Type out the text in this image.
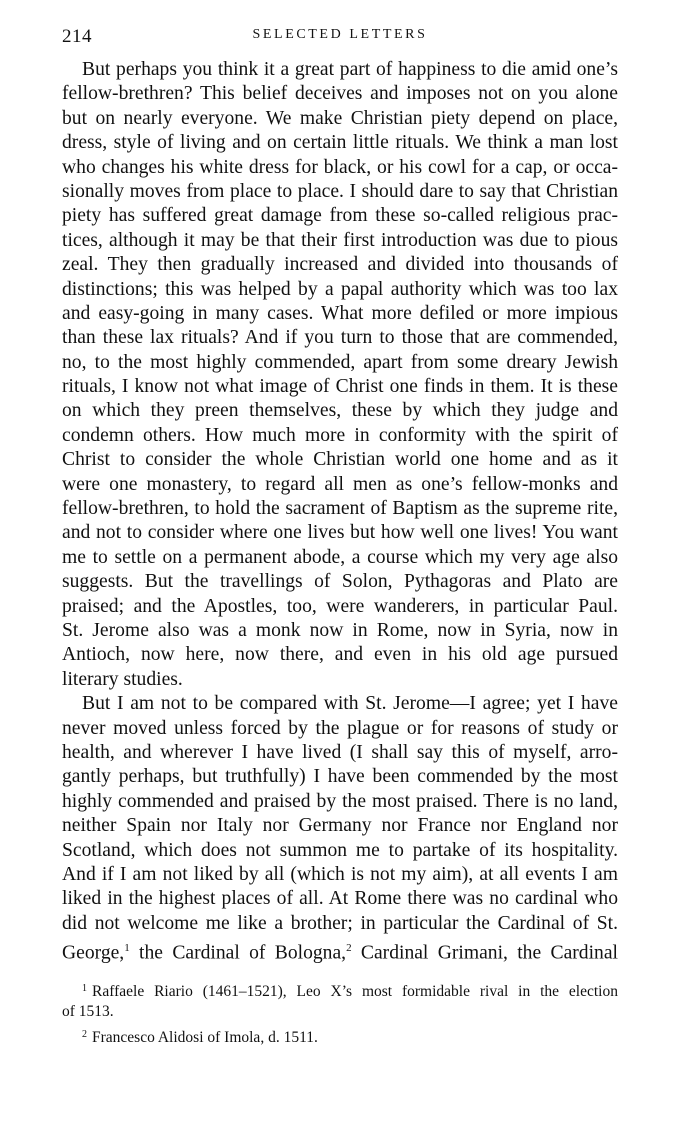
214	SELECTED LETTERS
But perhaps you think it a great part of happiness to die amid one’s
fellow-brethren? This belief deceives and imposes not on you alone
but on nearly everyone. We make Christian piety depend on place,
dress, style of living and on certain little rituals. We think a man lost
who changes his white dress for black, or his cowl for a cap, or occa-
sionally moves from place to place. I should dare to say that Christian
piety has suffered great damage from these so-called religious prac-
tices, although it may be that their first introduction was due to pious
zeal. They then gradually increased and divided into thousands of
distinctions; this was helped by a papal authority which was too lax
and easy-going in many cases. What more defiled or more impious
than these lax rituals? And if you turn to those that are commended,
no, to the most highly commended, apart from some dreary Jewish
rituals, I know not what image of Christ one finds in them. It is these
on which they preen themselves, these by which they judge and
condemn others. How much more in conformity with the spirit of
Christ to consider the whole Christian world one home and as it
were one monastery, to regard all men as one’s fellow-monks and
fellow-brethren, to hold the sacrament of Baptism as the supreme rite,
and not to consider where one lives but how well one lives! You want
me to settle on a permanent abode, a course which my very age also
suggests. But the travellings of Solon, Pythagoras and Plato are
praised; and the Apostles, too, were wanderers, in particular Paul.
St. Jerome also was a monk now in Rome, now in Syria, now in
Antioch, now here, now there, and even in his old age pursued
literary studies.
But I am not to be compared with St. Jerome—I agree; yet I have
never moved unless forced by the plague or for reasons of study or
health, and wherever I have lived (I shall say this of myself, arro-
gantly perhaps, but truthfully) I have been commended by the most
highly commended and praised by the most praised. There is no land,
neither Spain nor Italy nor Germany nor France nor England nor
Scotland, which does not summon me to partake of its hospitality.
And if I am not liked by all (which is not my aim), at all events I am
liked in the highest places of all. At Rome there was no cardinal who
did not welcome me like a brother; in particular the Cardinal of St.
George,$^1$ the Cardinal of Bologna,$^2$ Cardinal Grimani, the Cardinal
$^1$ Raffaele Riario (1461–1521), Leo X’s most formidable rival in the election
of 1513.
$^2$ Francesco Alidosi of Imola, d. 1511.
